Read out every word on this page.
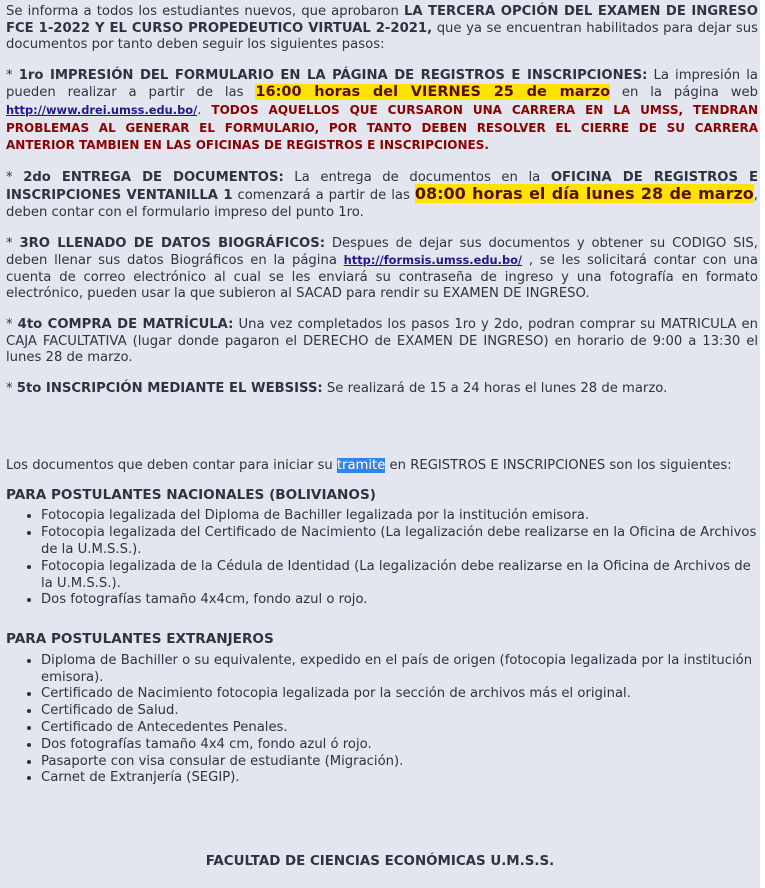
Se informa a todos los estudiantes nuevos, que aprobaron LA TERCERA OPCIÓN DEL EXAMEN DE INGRESO FCE 1-2022 Y EL CURSO PROPEDEUTICO VIRTUAL 2-2021, que ya se encuentran habilitados para dejar sus documentos por tanto deben seguir los siguientes pasos:

* 1ro IMPRESIÓN DEL FORMULARIO EN LA PÁGINA DE REGISTROS E INSCRIPCIONES: La impresión la pueden realizar a partir de las 16:00 horas del VIERNES 25 de marzo en la página web http://www.drei.umss.edu.bo/. TODOS AQUELLOS QUE CURSARON UNA CARRERA EN LA UMSS, TENDRAN PROBLEMAS AL GENERAR EL FORMULARIO, POR TANTO DEBEN RESOLVER EL CIERRE DE SU CARRERA ANTERIOR TAMBIEN EN LAS OFICINAS DE REGISTROS E INSCRIPCIONES.

* 2do ENTREGA DE DOCUMENTOS: La entrega de documentos en la OFICINA DE REGISTROS E INSCRIPCIONES VENTANILLA 1 comenzará a partir de las 08:00 horas el día lunes 28 de marzo, deben contar con el formulario impreso del punto 1ro.

* 3RO LLENADO DE DATOS BIOGRÁFICOS: Despues de dejar sus documentos y obtener su CODIGO SIS, deben llenar sus datos Biográficos en la página http://formsis.umss.edu.bo/ , se les solicitará contar con una cuenta de correo electrónico al cual se les enviará su contraseña de ingreso y una fotografía en formato electrónico, pueden usar la que subieron al SACAD para rendir su EXAMEN DE INGRESO.

* 4to COMPRA DE MATRÍCULA: Una vez completados los pasos 1ro y 2do, podran comprar su MATRICULA en CAJA FACULTATIVA (lugar donde pagaron el DERECHO de EXAMEN DE INGRESO) en horario de 9:00 a 13:30 el lunes 28 de marzo.

* 5to INSCRIPCIÓN MEDIANTE EL WEBSISS: Se realizará de 15 a 24 horas el lunes 28 de marzo.

Los documentos que deben contar para iniciar su tramite en REGISTROS E INSCRIPCIONES son los siguientes:

PARA POSTULANTES NACIONALES (BOLIVIANOS)
• Fotocopia legalizada del Diploma de Bachiller legalizada por la institución emisora.
• Fotocopia legalizada del Certificado de Nacimiento (La legalización debe realizarse en la Oficina de Archivos de la U.M.S.S.).
• Fotocopia legalizada de la Cédula de Identidad (La legalización debe realizarse en la Oficina de Archivos de la U.M.S.S.).
• Dos fotografías tamaño 4x4cm, fondo azul o rojo.
PARA POSTULANTES EXTRANJEROS
• Diploma de Bachiller o su equivalente, expedido en el país de origen (fotocopia legalizada por la institución emisora).
• Certificado de Nacimiento fotocopia legalizada por la sección de archivos más el original.
• Certificado de Salud.
• Certificado de Antecedentes Penales.
• Dos fotografías tamaño 4x4 cm, fondo azul ó rojo.
• Pasaporte con visa consular de estudiante (Migración).
• Carnet de Extranjería (SEGIP).
FACULTAD DE CIENCIAS ECONÓMICAS U.M.S.S.
